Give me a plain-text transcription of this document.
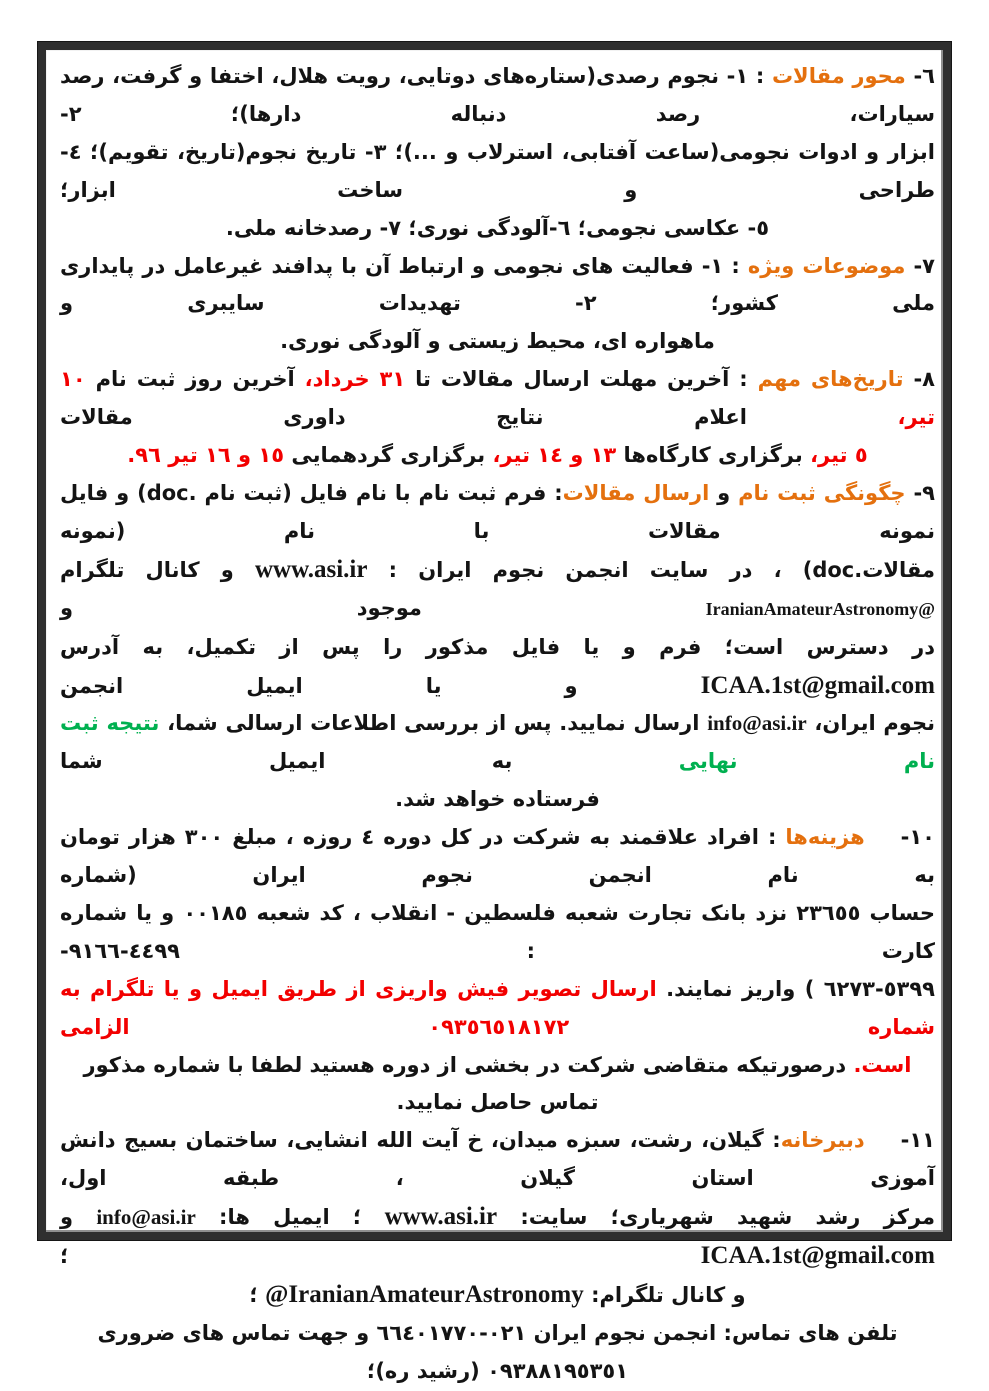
٦- محور مقالات : ١- نجوم رصدی(ستاره‌های دوتایی، رویت هلال، اختفا و گرفت، رصد سیارات، رصد دنباله دارها)؛ ٢-
ابزار و ادوات نجومی(ساعت آفتابی، استرلاب و ...)؛ ٣- تاریخ نجوم(تاریخ، تقویم)؛ ٤- طراحی و ساخت ابزار؛
٥- عکاسی نجومی؛ ٦-آلودگی نوری؛ ٧- رصدخانه ملی.
٧- موضوعات ویژه : ١- فعالیت های نجومی و ارتباط آن با پدافند غیرعامل در پایداری ملی کشور؛ ٢- تهدیدات سایبری و
ماهواره ای، محیط زیستی و آلودگی نوری.
٨- تاریخ‌های مهم : آخرین مهلت ارسال مقالات تا ٣١ خرداد، آخرین روز ثبت نام ١٠ تیر، اعلام نتایج داوری مقالات
٥ تیر، برگزاری کارگاه‌ها ١٣ و ١٤ تیر، برگزاری گردهمایی ١٥ و ١٦ تیر ٩٦.
٩- چگونگی ثبت نام و ارسال مقالات: فرم ثبت نام با نام فایل (ثبت نام .doc) و فایل نمونه مقالات با نام (نمونه
مقالات.doc) ، در سایت انجمن نجوم ایران : www.asi.ir و کانال تلگرام @IranianAmateurAstronomy موجود و
در دسترس است؛ فرم و یا فایل مذکور را پس از تکمیل، به آدرس ICAA.1st@gmail.com و یا ایمیل انجمن
نجوم ایران، info@asi.ir ارسال نمایید. پس از بررسی اطلاعات ارسالی شما، نتیجه ثبت نام نهایی به ایمیل شما
فرستاده خواهد شد.
١٠-هزینه‌ها : افراد علاقمند به شرکت در کل دوره ٤ روزه ، مبلغ ٣٠٠ هزار تومان به نام انجمن نجوم ایران (شماره
حساب ٢٣٦٥٥ نزد بانک تجارت شعبه فلسطین - انقلاب ، کد شعبه ٠٠١٨٥ و یا شماره کارت : ٤٤٩٩-٩١٦٦-
٥٣٩٩-٦٢٧٣ ) واریز نمایند. ارسال تصویر فیش واریزی از طریق ایمیل و یا تلگرام به شماره ٠٩٣٥٦٥١٨١٧٢ الزامی
است. درصورتیکه متقاضی شرکت در بخشی از دوره هستید لطفا با شماره مذکور تماس حاصل نمایید.
١١-دبیرخانه: گیلان، رشت، سبزه میدان، خ آیت الله انشایی، ساختمان بسیج دانش آموزی استان گیلان ، طبقه اول،
مرکز رشد شهید شهریاری؛ سایت: www.asi.ir ؛ ایمیل ها: info@asi.ir و ICAA.1st@gmail.com ؛
و کانال تلگرام: @IranianAmateurAstronomy ؛
تلفن های تماس: انجمن نجوم ایران ٠٢١-٦٦٤٠١٧٧٠ و جهت تماس های ضروری ٠٩٣٨٨١٩٥٣٥١ (رشید ره)؛
